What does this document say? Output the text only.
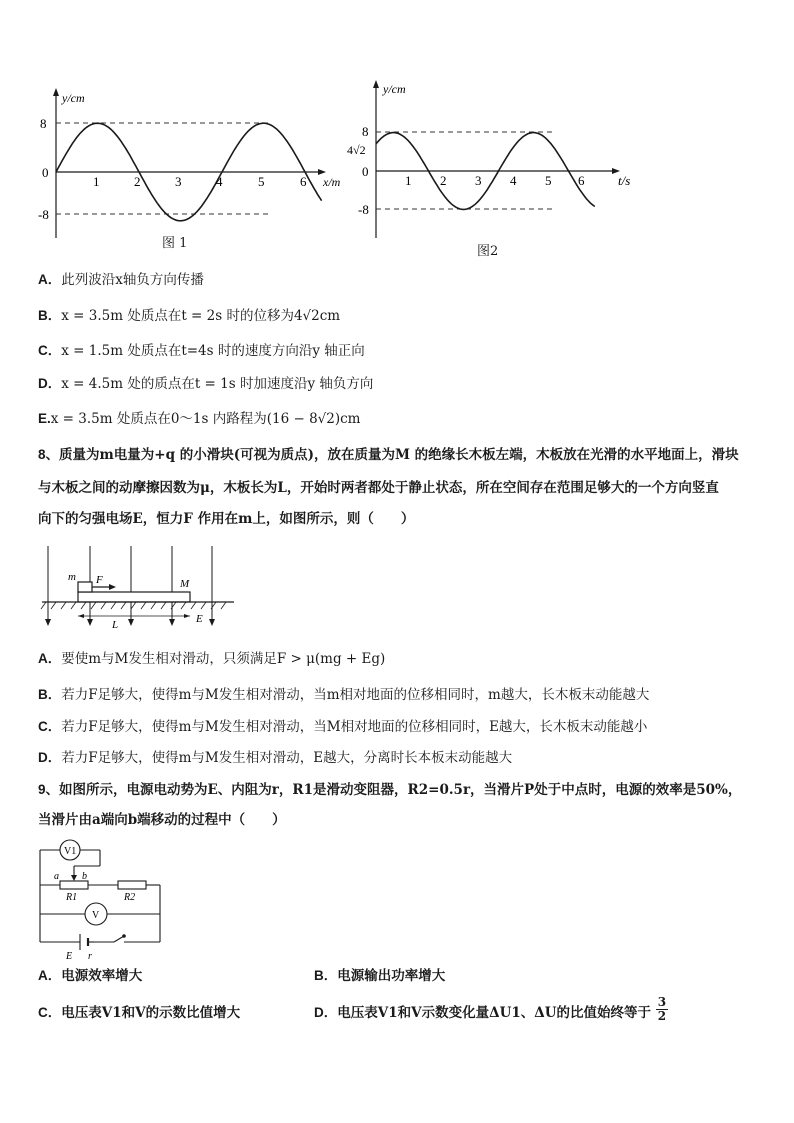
y/cm
8
-8
0
1	2	3	4	5	6 x/m
图 1
y/cm
8
4√2
-8
0
1 2 3 4 5 6	t/s
图2
A．此列波沿x轴负方向传播
B．x = 3.5m 处质点在t = 2s 时的位移为4√2cm
C．x = 1.5m 处质点在t=4s 时的速度方向沿y 轴正向
D．x = 4.5m 处的质点在t = 1s 时加速度沿y 轴负方向
E.x = 3.5m 处质点在0～1s 内路程为(16 − 8√2)cm
8、质量为m电量为+q 的小滑块(可视为质点)，放在质量为M 的绝缘长木板左端，木板放在光滑的水平地面上，滑块
与木板之间的动摩擦因数为μ，木板长为L，开始时两者都处于静止状态，所在空间存在范围足够大的一个方向竖直
向下的匀强电场E，恒力F 作用在m上，如图所示，则（　　）
m F	M
L	E
A．要使m与M发生相对滑动，只须满足F > μ(mg + Eg)
B．若力F足够大，使得m与M发生相对滑动，当m相对地面的位移相同时，m越大，长木板末动能越大
C．若力F足够大，使得m与M发生相对滑动，当M相对地面的位移相同时，E越大，长木板末动能越小
D．若力F足够大，使得m与M发生相对滑动，E越大，分离时长本板末动能越大
9、如图所示，电源电动势为E、内阻为r，R1是滑动变阻器，R2=0.5r，当滑片P处于中点时，电源的效率是50%，
当滑片由a端向b端移动的过程中（　　）
V1
V
a b
R1	R2
E r
A．电源效率增大	B．电源输出功率增大
C．电压表V1和V的示数比值增大	D．电压表V1和V示数变化量ΔU1、ΔU的比值始终等于 $\frac{3}{2}$
